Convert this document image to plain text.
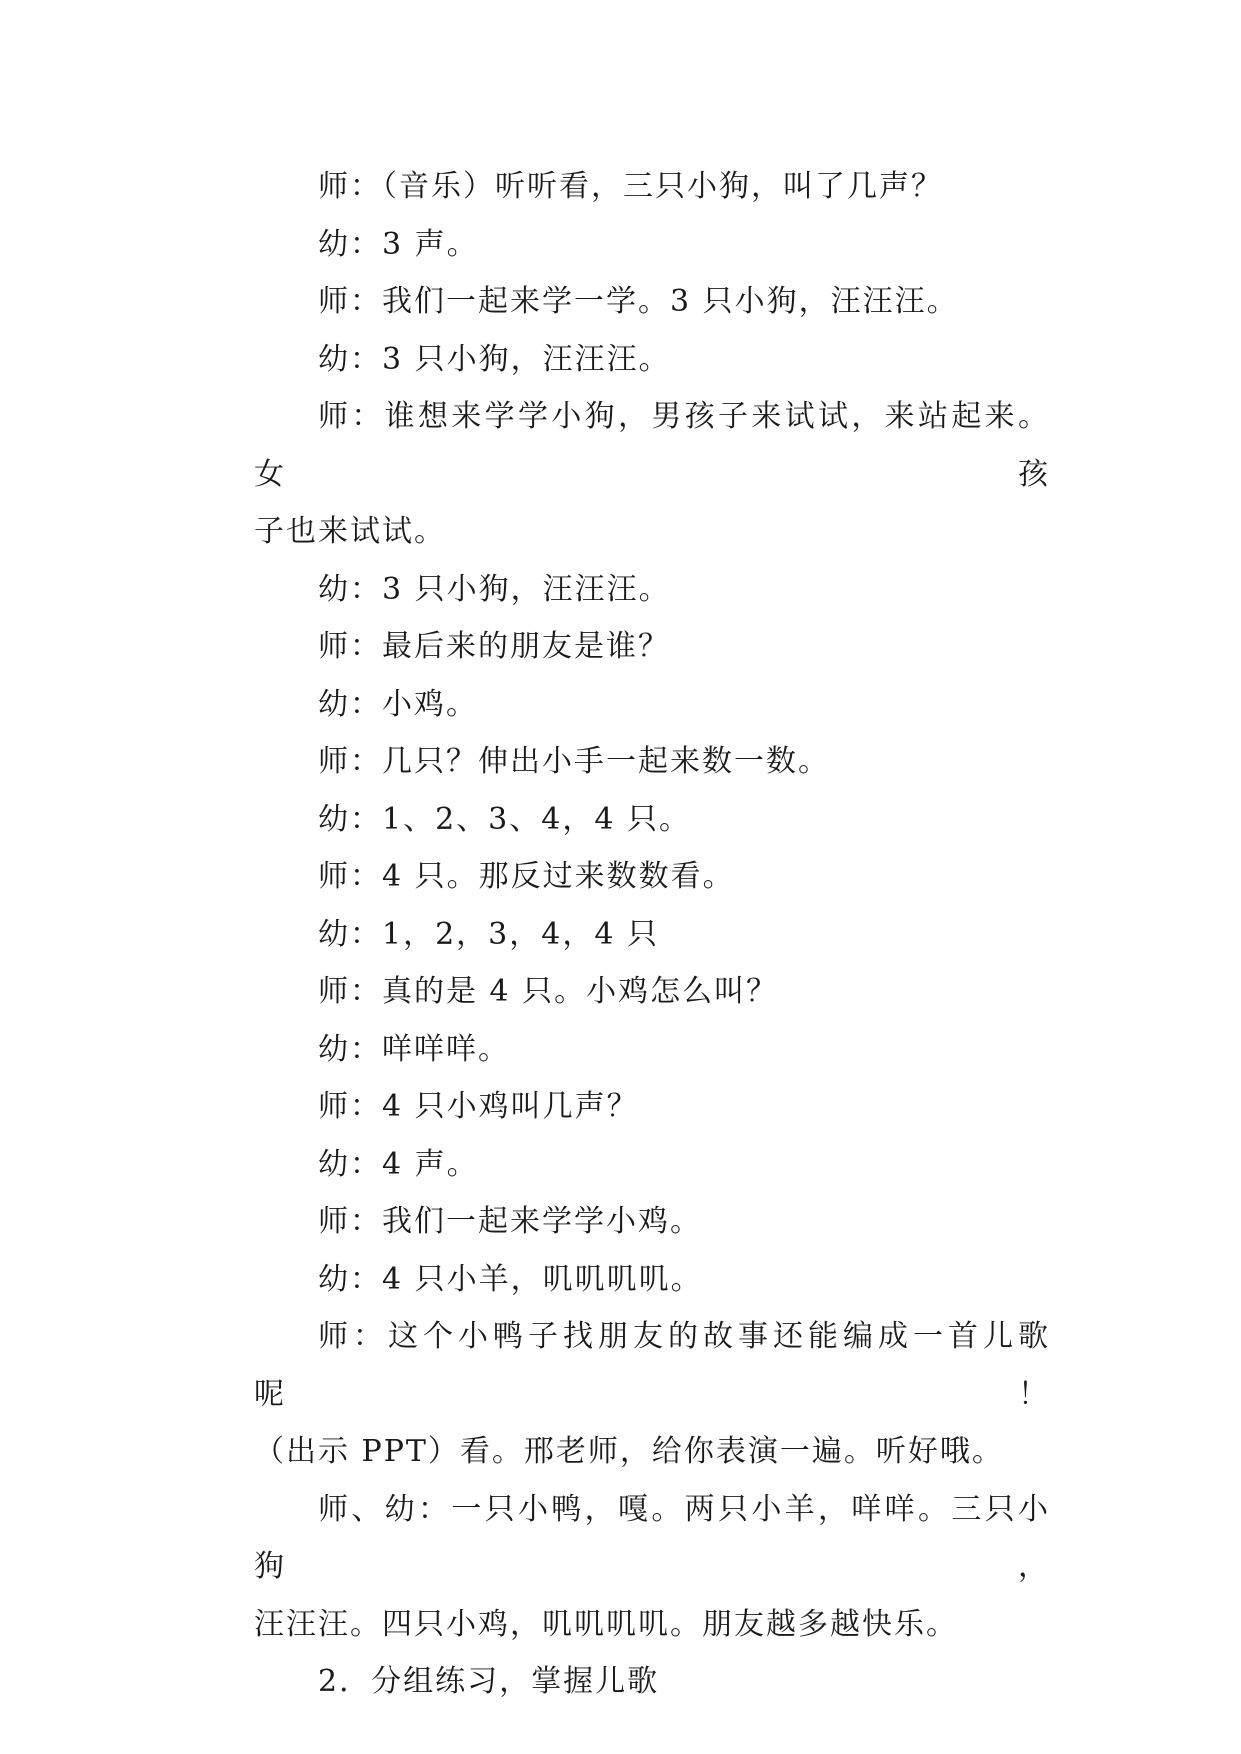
师：（音乐）听听看，三只小狗，叫了几声？
幼：3 声。
师：我们一起来学一学。3 只小狗，汪汪汪。
幼：3 只小狗，汪汪汪。
师：谁想来学学小狗，男孩子来试试，来站起来。女孩
子也来试试。
幼：3 只小狗，汪汪汪。
师：最后来的朋友是谁？
幼：小鸡。
师：几只？伸出小手一起来数一数。
幼：1、2、3、4，4 只。
师：4 只。那反过来数数看。
幼：1，2，3，4，4 只
师：真的是 4 只。小鸡怎么叫？
幼：咩咩咩。
师：4 只小鸡叫几声？
幼：4 声。
师：我们一起来学学小鸡。
幼：4 只小羊，叽叽叽叽。
师：这个小鸭子找朋友的故事还能编成一首儿歌呢！
（出示 PPT）看。邢老师，给你表演一遍。听好哦。
师、幼：一只小鸭，嘎。两只小羊，咩咩。三只小狗，
汪汪汪。四只小鸡，叽叽叽叽。朋友越多越快乐。
2．分组练习，掌握儿歌
